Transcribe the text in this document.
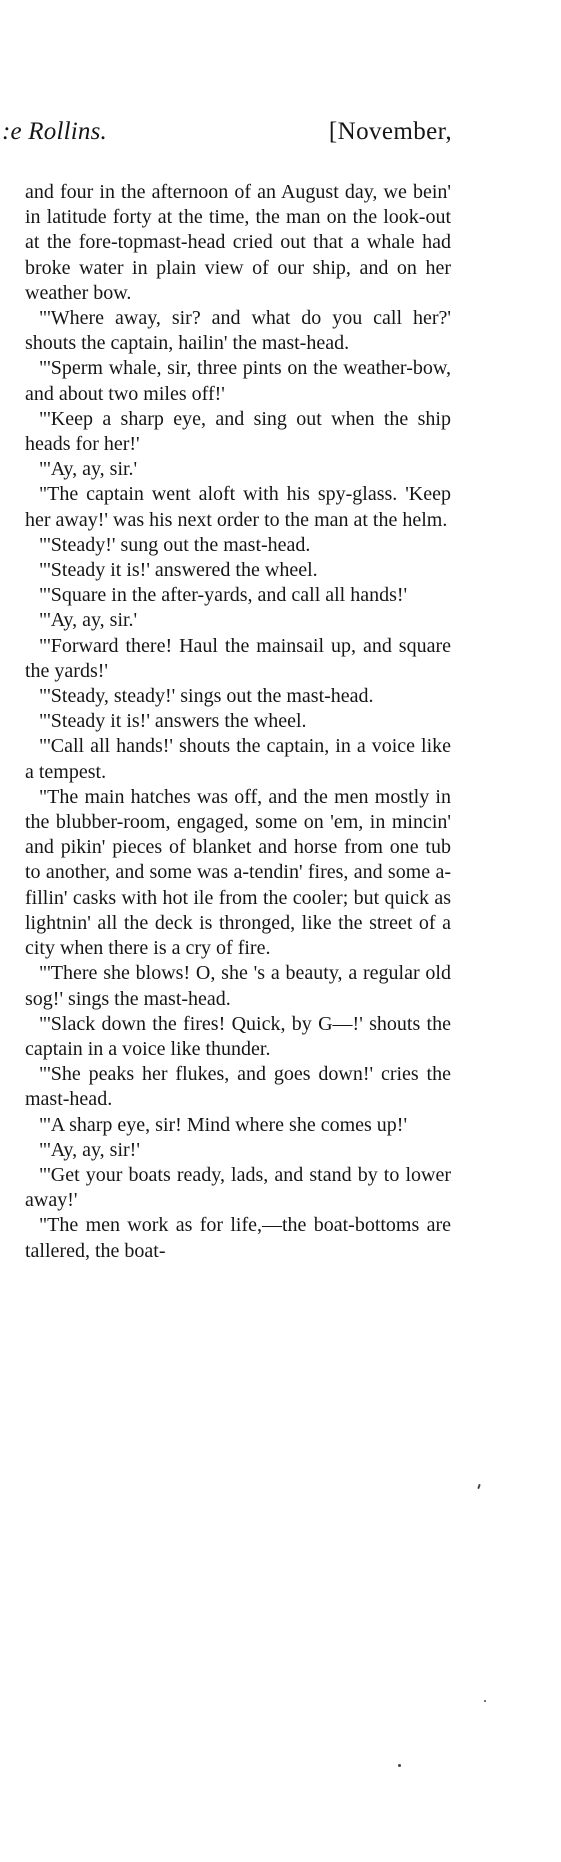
:e Rollins.	[November,

and four in the afternoon of an August day, we bein' in latitude forty at the time, the man on the look-out at the fore-topmast-head cried out that a whale had broke water in plain view of our ship, and on her weather bow.

"'Where away, sir? and what do you call her?' shouts the captain, hailin' the mast-head.

"'Sperm whale, sir, three pints on the weather-bow, and about two miles off!'

"'Keep a sharp eye, and sing out when the ship heads for her!'

"'Ay, ay, sir.'

"The captain went aloft with his spy-glass. 'Keep her away!' was his next order to the man at the helm.

"'Steady!' sung out the mast-head.

"'Steady it is!' answered the wheel.

"'Square in the after-yards, and call all hands!'

"'Ay, ay, sir.'

"'Forward there! Haul the mainsail up, and square the yards!'

"'Steady, steady!' sings out the mast-head.

"'Steady it is!' answers the wheel.

"'Call all hands!' shouts the captain, in a voice like a tempest.

"The main hatches was off, and the men mostly in the blubber-room, engaged, some on 'em, in mincin' and pikin' pieces of blanket and horse from one tub to another, and some was a-tendin' fires, and some a-fillin' casks with hot ile from the cooler; but quick as lightnin' all the deck is thronged, like the street of a city when there is a cry of fire.

"'There she blows! O, she 's a beauty, a regular old sog!' sings the mast-head.

"'Slack down the fires! Quick, by G—!' shouts the captain in a voice like thunder.

"'She peaks her flukes, and goes down!' cries the mast-head.

"'A sharp eye, sir! Mind where she comes up!'

"'Ay, ay, sir!'

"'Get your boats ready, lads, and stand by to lower away!'

"The men work as for life,—the boat-bottoms are tallered, the boat-
